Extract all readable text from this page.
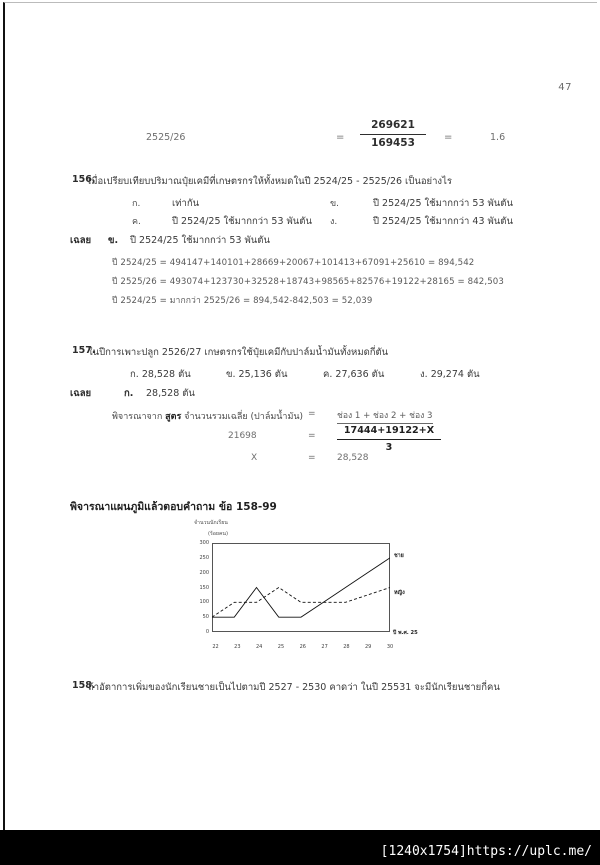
47
2525/26	=
269621
169453	=	1.6
156.
เมื่อเปรียบเทียบปริมาณปุ๋ยเคมีที่เกษตรกรให้ทั้งหมดในปี 2524/25 - 2525/26 เป็นอย่างไร
ก.	เท่ากัน	ข.	ปี 2524/25 ใช้มากกว่า 53 พันตัน
ค.	ปี 2524/25 ใช้มากกว่า 53 พันตัน ง.	ปี 2524/25 ใช้มากกว่า 43 พันตัน
เฉลย ข. ปี 2524/25 ใช้มากกว่า 53 พันตัน
ปี 2524/25 = 494147+140101+28669+20067+101413+67091+25610 = 894,542
ปี 2525/26 = 493074+123730+32528+18743+98565+82576+19122+28165 = 842,503
ปี 2524/25 = มากกว่า 2525/26 = 894,542-842,503 = 52,039
157.
ในปีการเพาะปลูก 2526/27 เกษตรกรใช้ปุ๋ยเคมีกับปาล์มน้ำมันทั้งหมดกี่ตัน
ก. 28,528 ตัน	ข. 25,136 ตัน	ค. 27,636 ตัน	ง. 29,274 ตัน
เฉลย	ก. 28,528 ตัน
พิจารณาจาก สูตร จำนวนรวมเฉลี่ย (ปาล์มน้ำมัน) = ช่อง 1 + ช่อง 2 + ช่อง 3
21698	=	17444+19122+X
3
X	= 28,528
พิจารณาแผนภูมิแล้วตอบคำถาม ข้อ 158-99
จำนวนนักเรียน
(ร้อยคน)
300
250
200
150
100
50
0
22	23	24	25	26	27	28	29	30
ชาย
หญิง
ปี พ.ศ. 25
158.
ถ้าอัตาการเพิ่มของนักเรียนชายเป็นไปตามปี 2527 - 2530 คาดว่า ในปี 25531 จะมีนักเรียนชายกี่คน
[1240x1754]https://uplc.me/
